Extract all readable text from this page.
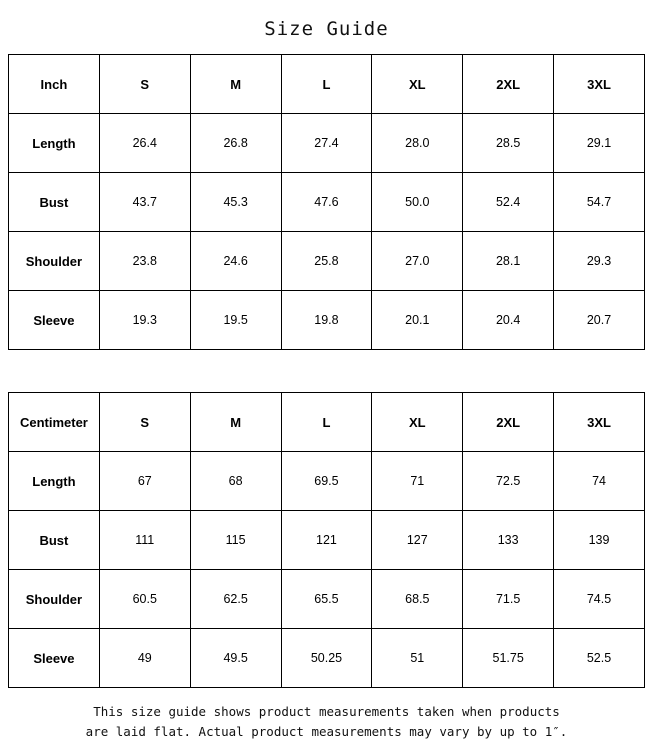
Size Guide
Inch	S	M	L	XL	2XL	3XL
Length	26.4	26.8	27.4	28.0	28.5	29.1
Bust	43.7	45.3	47.6	50.0	52.4	54.7
Shoulder	23.8	24.6	25.8	27.0	28.1	29.3
Sleeve	19.3	19.5	19.8	20.1	20.4	20.7
Centimeter	S	M	L	XL	2XL	3XL
Length	67	68	69.5	71	72.5	74
Bust	111	115	121	127	133	139
Shoulder	60.5	62.5	65.5	68.5	71.5	74.5
Sleeve	49	49.5	50.25	51	51.75	52.5
This size guide shows product measurements taken when products
are laid flat. Actual product measurements may vary by up to 1″.
